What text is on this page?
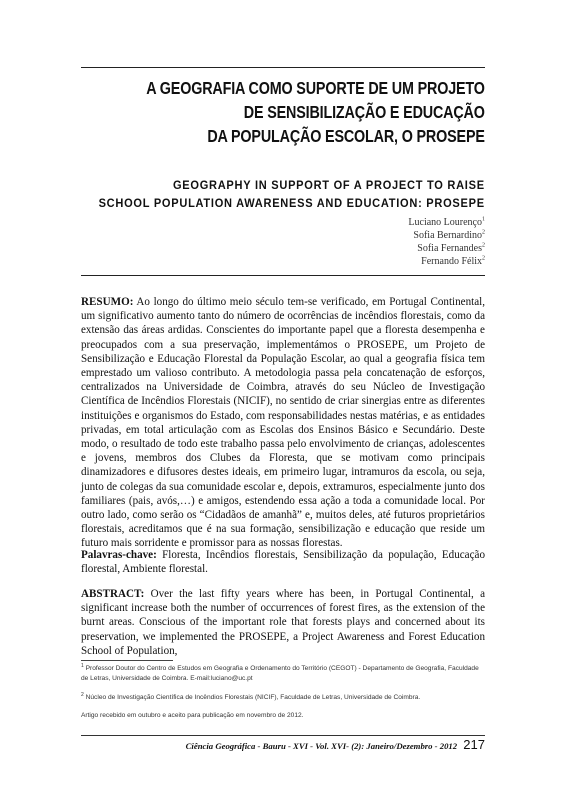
A GEOGRAFIA COMO SUPORTE DE UM PROJETO
DE SENSIBILIZAÇÃO E EDUCAÇÃO
DA POPULAÇÃO ESCOLAR, O PROSEPE
GEOGRAPHY IN SUPPORT OF A PROJECT TO RAISE
SCHOOL POPULATION AWARENESS AND EDUCATION: PROSEPE
Luciano Lourenço$^1$
Sofia Bernardino$^2$
Sofia Fernandes$^2$
Fernando Félix$^2$
RESUMO: Ao longo do último meio século tem-se verificado, em Portugal Continental, um significativo aumento tanto do número de ocorrências de incêndios florestais, como da extensão das áreas ardidas. Conscientes do importante papel que a floresta desempenha e preocupados com a sua preservação, implementámos o PROSEPE, um Projeto de Sensibilização e Educação Florestal da População Escolar, ao qual a geografia física tem emprestado um valioso contributo. A metodologia passa pela concatenação de esforços, centralizados na Universidade de Coimbra, através do seu Núcleo de Investigação Científica de Incêndios Florestais (NICIF), no sentido de criar sinergias entre as diferentes instituições e organismos do Estado, com responsabilidades nestas matérias, e as entidades privadas, em total articulação com as Escolas dos Ensinos Básico e Secundário. Deste modo, o resultado de todo este trabalho passa pelo envolvimento de crianças, adolescentes e jovens, membros dos Clubes da Floresta, que se motivam como principais dinamizadores e difusores destes ideais, em primeiro lugar, intramuros da escola, ou seja, junto de colegas da sua comunidade escolar e, depois, extramuros, especialmente junto dos familiares (pais, avós,…) e amigos, estendendo essa ação a toda a comunidade local. Por outro lado, como serão os “Cidadãos de amanhã” e, muitos deles, até futuros proprietários florestais, acreditamos que é na sua formação, sensibilização e educação que reside um futuro mais sorridente e promissor para as nossas florestas.
Palavras-chave: Floresta, Incêndios florestais, Sensibilização da população, Educação florestal, Ambiente florestal.
ABSTRACT: Over the last fifty years where has been, in Portugal Continental, a significant increase both the number of occurrences of forest fires, as the extension of the burnt areas. Conscious of the important role that forests plays and concerned about its preservation, we implemented the PROSEPE, a Project Awareness and Forest Education School of Population,
$^1$ Professor Doutor do Centro de Estudos em Geografia e Ordenamento do Território (CEGOT) - Departamento de Geografia, Faculdade de Letras, Universidade de Coimbra. E-mail:luciano@uc.pt
$^2$ Núcleo de Investigação Científica de Incêndios Florestais (NICIF), Faculdade de Letras, Universidade de Coimbra.
Artigo recebido em outubro e aceito para publicação em novembro de 2012.
Ciência Geográfica - Bauru - XVI - Vol. XVI- (2): Janeiro/Dezembro - 2012 217
